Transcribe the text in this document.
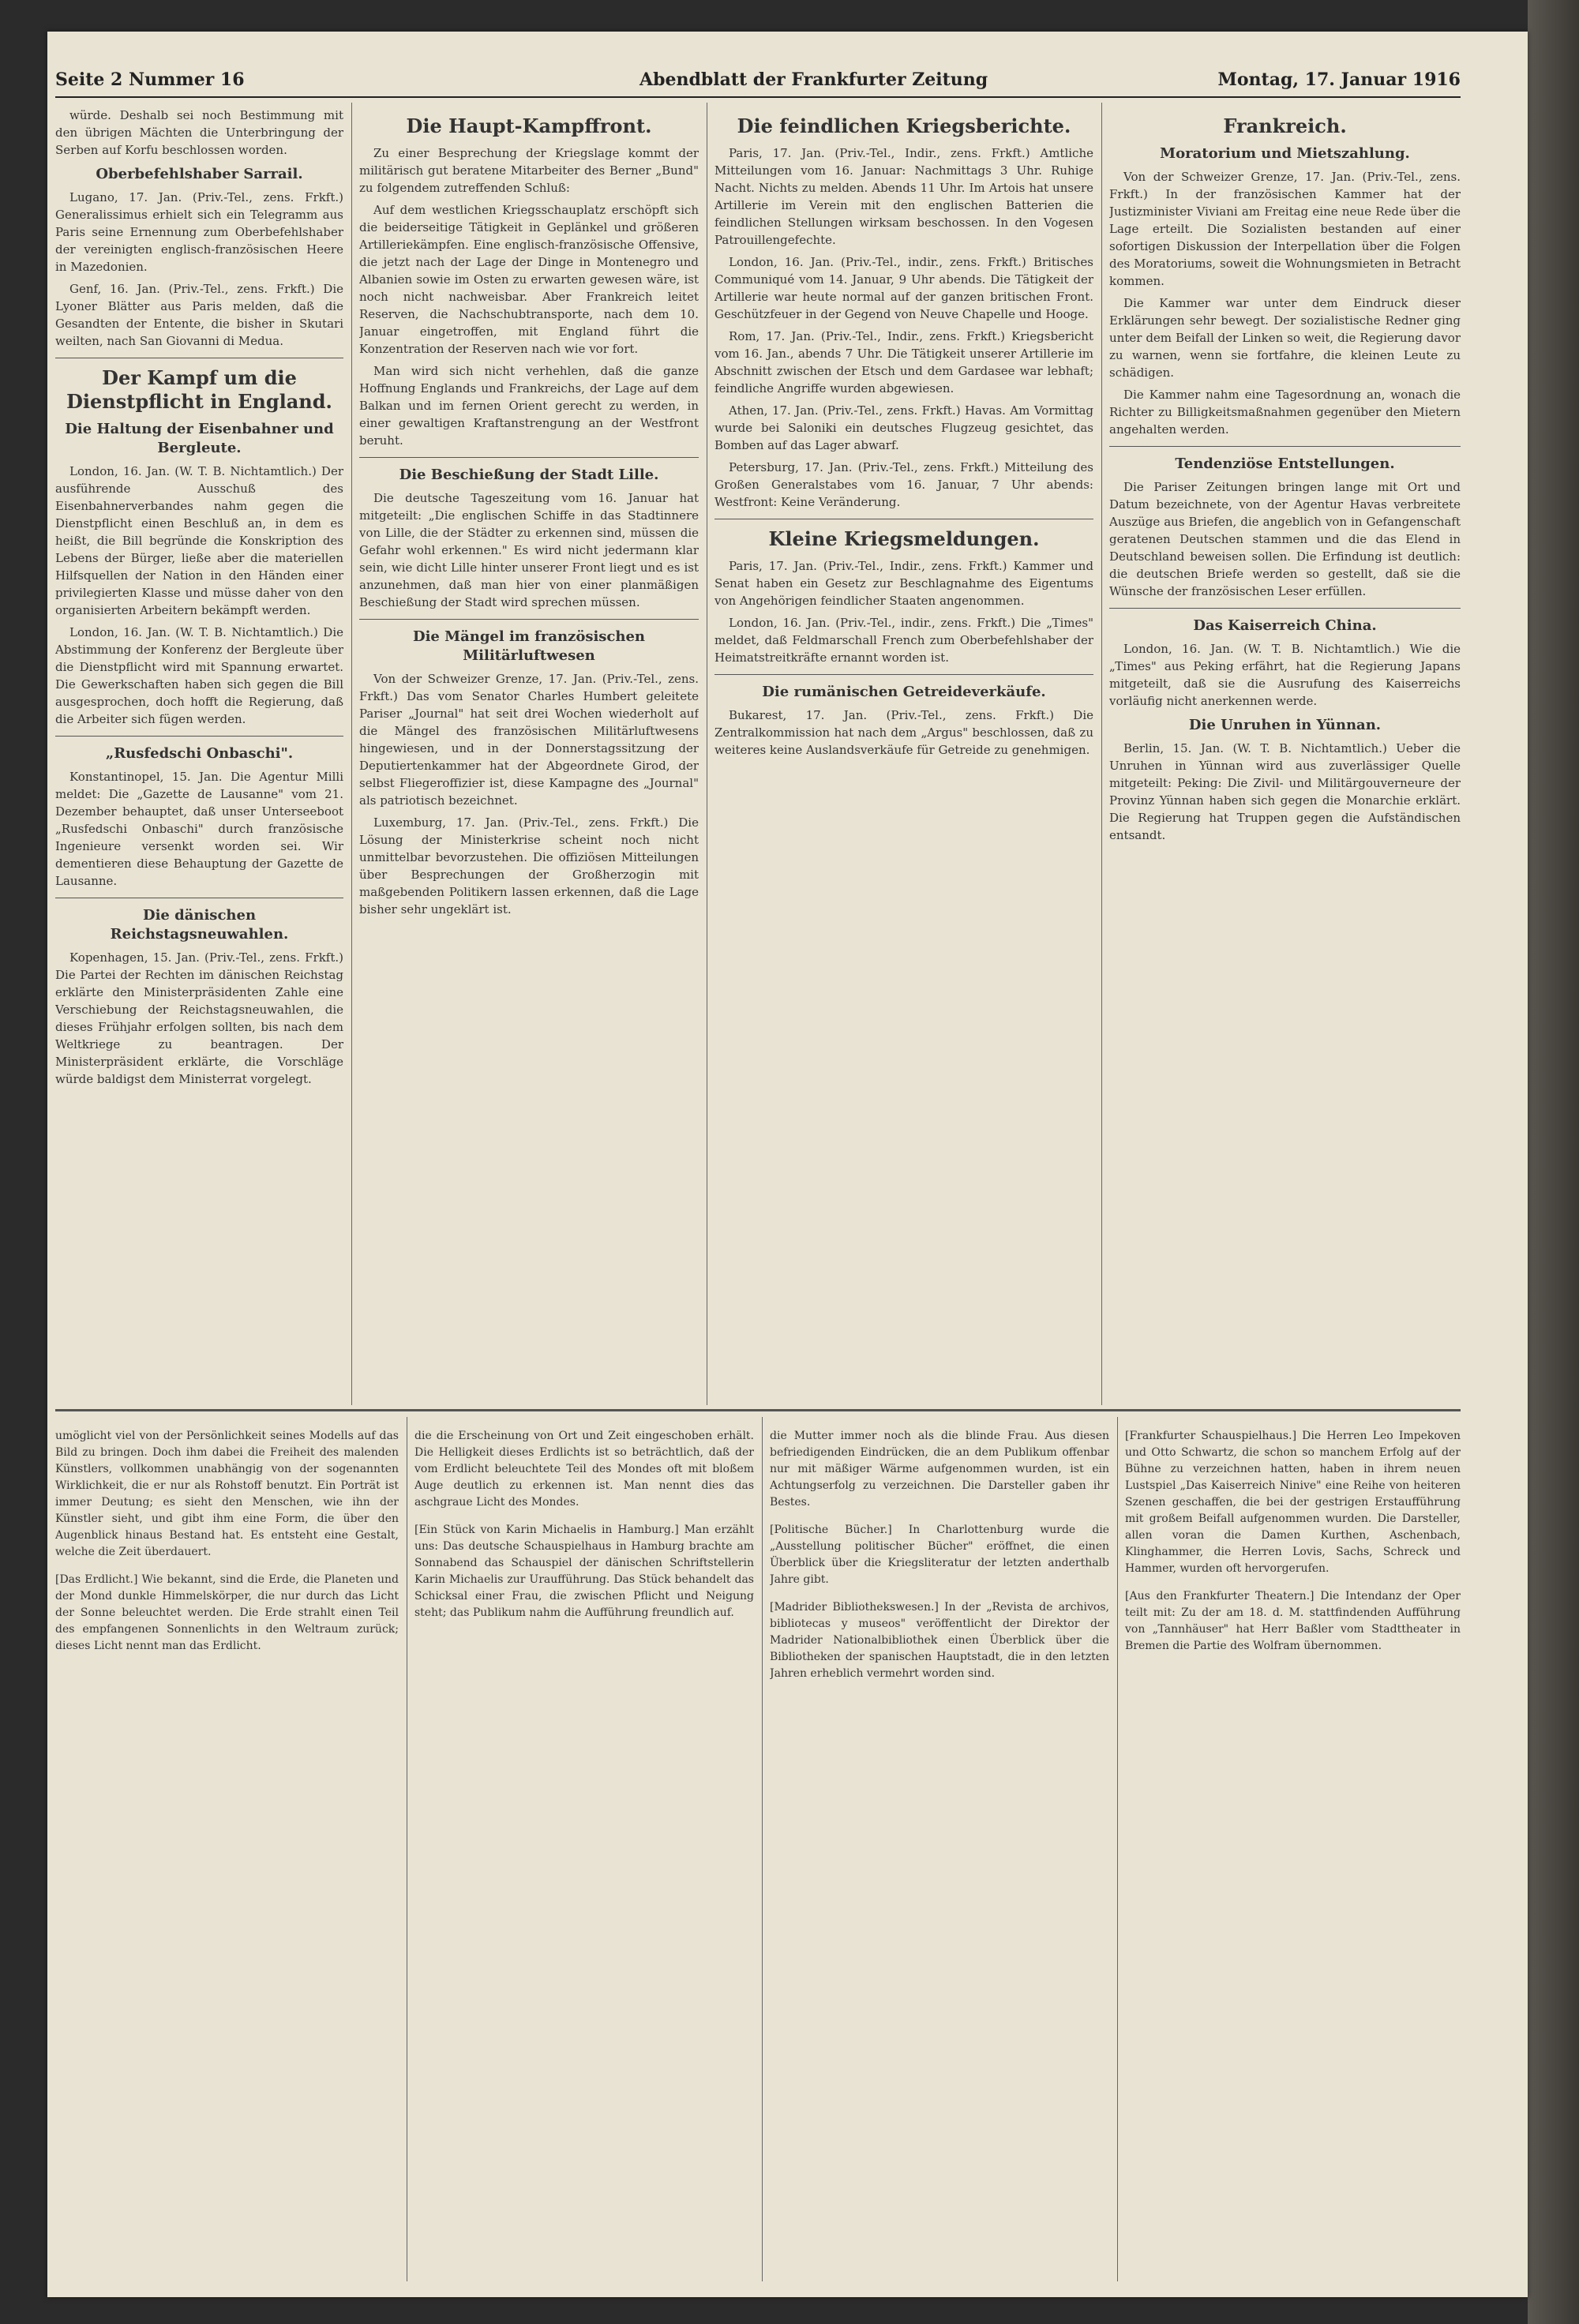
Seite 2 Nummer 16	Abendblatt der Frankfurter Zeitung	Montag, 17. Januar 1916

würde. Deshalb sei noch Bestimmung mit den übrigen Mächten die Unterbringung der Serben auf Korfu beschlossen worden.

Oberbefehlshaber Sarrail.

Lugano, 17. Jan. (Priv.-Tel., zens. Frkft.) Generalissimus erhielt sich ein Telegramm aus Paris seine Ernennung zum Oberbefehlshaber der vereinigten englisch-französischen Heere in Mazedonien.

Genf, 16. Jan. (Priv.-Tel., zens. Frkft.) Die Lyoner Blätter aus Paris melden, daß die Gesandten der Entente, die bisher in Skutari weilten, nach San Giovanni di Medua.

Der Kampf um die Dienstpflicht in England.
Die Haltung der Eisenbahner und Bergleute.

London, 16. Jan. (W. T. B. Nichtamtlich.) Der ausführende Ausschuß des Eisenbahnerverbandes nahm gegen die Dienstpflicht einen Beschluß an, in dem es heißt, die Bill begründe die Konskription des Lebens der Bürger, ließe aber die materiellen Hilfsquellen der Nation in den Händen einer privilegierten Klasse und müsse daher von den organisierten Arbeitern bekämpft werden.

London, 16. Jan. (W. T. B. Nichtamtlich.) Die Abstimmung der Konferenz der Bergleute über die Dienstpflicht wird mit Spannung erwartet. Die Gewerkschaften haben sich gegen die Bill ausgesprochen, doch hofft die Regierung, daß die Arbeiter sich fügen werden.

„Rusfedschi Onbaschi".

Konstantinopel, 15. Jan. Die Agentur Milli meldet: Die „Gazette de Lausanne" vom 21. Dezember behauptet, daß unser Unterseeboot „Rusfedschi Onbaschi" durch französische Ingenieure versenkt worden sei. Wir dementieren diese Behauptung der Gazette de Lausanne.

Die dänischen Reichstagsneuwahlen.

Kopenhagen, 15. Jan. (Priv.-Tel., zens. Frkft.) Die Partei der Rechten im dänischen Reichstag erklärte den Ministerpräsidenten Zahle eine Verschiebung der Reichstagsneuwahlen, die dieses Frühjahr erfolgen sollten, bis nach dem Weltkriege zu beantragen. Der Ministerpräsident erklärte, die Vorschläge würde baldigst dem Ministerrat vorgelegt.

Die Haupt-Kampffront.

Zu einer Besprechung der Kriegslage kommt der militärisch gut beratene Mitarbeiter des Berner „Bund" zu folgendem zutreffenden Schluß:

Auf dem westlichen Kriegsschauplatz erschöpft sich die beiderseitige Tätigkeit in Geplänkel und größeren Artilleriekämpfen. Eine englisch-französische Offensive, die jetzt nach der Lage der Dinge in Montenegro und Albanien sowie im Osten zu erwarten gewesen wäre, ist noch nicht nachweisbar. Aber Frankreich leitet Reserven, die Nachschubtransporte, nach dem 10. Januar eingetroffen, mit England führt die Konzentration der Reserven nach wie vor fort.

Man wird sich nicht verhehlen, daß die ganze Hoffnung Englands und Frankreichs, der Lage auf dem Balkan und im fernen Orient gerecht zu werden, in einer gewaltigen Kraftanstrengung an der Westfront beruht.

Die Beschießung der Stadt Lille.

Die deutsche Tageszeitung vom 16. Januar hat mitgeteilt: „Die englischen Schiffe in das Stadtinnere von Lille, die der Städter zu erkennen sind, müssen die Gefahr wohl erkennen." Es wird nicht jedermann klar sein, wie dicht Lille hinter unserer Front liegt und es ist anzunehmen, daß man hier von einer planmäßigen Beschießung der Stadt wird sprechen müssen.

Die Mängel im französischen Militärluftwesen

Von der Schweizer Grenze, 17. Jan. (Priv.-Tel., zens. Frkft.) Das vom Senator Charles Humbert geleitete Pariser „Journal" hat seit drei Wochen wiederholt auf die Mängel des französischen Militärluftwesens hingewiesen, und in der Donnerstagssitzung der Deputiertenkammer hat der Abgeordnete Girod, der selbst Fliegeroffizier ist, diese Kampagne des „Journal" als patriotisch bezeichnet.

Luxemburg, 17. Jan. (Priv.-Tel., zens. Frkft.) Die Lösung der Ministerkrise scheint noch nicht unmittelbar bevorzustehen. Die offiziösen Mitteilungen über Besprechungen der Großherzogin mit maßgebenden Politikern lassen erkennen, daß die Lage bisher sehr ungeklärt ist.

Die feindlichen Kriegsberichte.

Paris, 17. Jan. (Priv.-Tel., Indir., zens. Frkft.) Amtliche Mitteilungen vom 16. Januar: Nachmittags 3 Uhr. Ruhige Nacht. Nichts zu melden. Abends 11 Uhr. Im Artois hat unsere Artillerie im Verein mit den englischen Batterien die feindlichen Stellungen wirksam beschossen. In den Vogesen Patrouillengefechte.

London, 16. Jan. (Priv.-Tel., indir., zens. Frkft.) Britisches Communiqué vom 14. Januar, 9 Uhr abends. Die Tätigkeit der Artillerie war heute normal auf der ganzen britischen Front. Geschützfeuer in der Gegend von Neuve Chapelle und Hooge.

Rom, 17. Jan. (Priv.-Tel., Indir., zens. Frkft.) Kriegsbericht vom 16. Jan., abends 7 Uhr. Die Tätigkeit unserer Artillerie im Abschnitt zwischen der Etsch und dem Gardasee war lebhaft; feindliche Angriffe wurden abgewiesen.

Athen, 17. Jan. (Priv.-Tel., zens. Frkft.) Havas. Am Vormittag wurde bei Saloniki ein deutsches Flugzeug gesichtet, das Bomben auf das Lager abwarf.

Petersburg, 17. Jan. (Priv.-Tel., zens. Frkft.) Mitteilung des Großen Generalstabes vom 16. Januar, 7 Uhr abends: Westfront: Keine Veränderung.

Kleine Kriegsmeldungen.

Paris, 17. Jan. (Priv.-Tel., Indir., zens. Frkft.) Kammer und Senat haben ein Gesetz zur Beschlagnahme des Eigentums von Angehörigen feindlicher Staaten angenommen.

London, 16. Jan. (Priv.-Tel., indir., zens. Frkft.) Die „Times" meldet, daß Feldmarschall French zum Oberbefehlshaber der Heimatstreitkräfte ernannt worden ist.

Die rumänischen Getreideverkäufe.

Bukarest, 17. Jan. (Priv.-Tel., zens. Frkft.) Die Zentralkommission hat nach dem „Argus" beschlossen, daß zu weiteres keine Auslandsverkäufe für Getreide zu genehmigen.

Frankreich.
Moratorium und Mietszahlung.

Von der Schweizer Grenze, 17. Jan. (Priv.-Tel., zens. Frkft.) In der französischen Kammer hat der Justizminister Viviani am Freitag eine neue Rede über die Lage erteilt. Die Sozialisten bestanden auf einer sofortigen Diskussion der Interpellation über die Folgen des Moratoriums, soweit die Wohnungsmieten in Betracht kommen.

Die Kammer war unter dem Eindruck dieser Erklärungen sehr bewegt. Der sozialistische Redner ging unter dem Beifall der Linken so weit, die Regierung davor zu warnen, wenn sie fortfahre, die kleinen Leute zu schädigen.

Die Kammer nahm eine Tagesordnung an, wonach die Richter zu Billigkeitsmaßnahmen gegenüber den Mietern angehalten werden.

Tendenziöse Entstellungen.

Die Pariser Zeitungen bringen lange mit Ort und Datum bezeichnete, von der Agentur Havas verbreitete Auszüge aus Briefen, die angeblich von in Gefangenschaft geratenen Deutschen stammen und die das Elend in Deutschland beweisen sollen. Die Erfindung ist deutlich: die deutschen Briefe werden so gestellt, daß sie die Wünsche der französischen Leser erfüllen.

Das Kaiserreich China.

London, 16. Jan. (W. T. B. Nichtamtlich.) Wie die „Times" aus Peking erfährt, hat die Regierung Japans mitgeteilt, daß sie die Ausrufung des Kaiserreichs vorläufig nicht anerkennen werde.

Die Unruhen in Yünnan.

Berlin, 15. Jan. (W. T. B. Nichtamtlich.) Ueber die Unruhen in Yünnan wird aus zuverlässiger Quelle mitgeteilt: Peking: Die Zivil- und Militärgouverneure der Provinz Yünnan haben sich gegen die Monarchie erklärt. Die Regierung hat Truppen gegen die Aufständischen entsandt.

umöglicht viel von der Persönlichkeit seines Modells auf das Bild zu bringen. Doch ihm dabei die Freiheit des malenden Künstlers, vollkommen unabhängig von der sogenannten Wirklichkeit, die er nur als Rohstoff benutzt. Ein Porträt ist immer Deutung; es sieht den Menschen, wie ihn der Künstler sieht, und gibt ihm eine Form, die über den Augenblick hinaus Bestand hat. Es entsteht eine Gestalt, welche die Zeit überdauert.

[Das Erdlicht.] Wie bekannt, sind die Erde, die Planeten und der Mond dunkle Himmelskörper, die nur durch das Licht der Sonne beleuchtet werden. Die Erde strahlt einen Teil des empfangenen Sonnenlichts in den Weltraum zurück; dieses Licht nennt man das Erdlicht.

die die Erscheinung von Ort und Zeit eingeschoben erhält. Die Helligkeit dieses Erdlichts ist so beträchtlich, daß der vom Erdlicht beleuchtete Teil des Mondes oft mit bloßem Auge deutlich zu erkennen ist. Man nennt dies das aschgraue Licht des Mondes.

[Ein Stück von Karin Michaelis in Hamburg.] Man erzählt uns: Das deutsche Schauspielhaus in Hamburg brachte am Sonnabend das Schauspiel der dänischen Schriftstellerin Karin Michaelis zur Uraufführung. Das Stück behandelt das Schicksal einer Frau, die zwischen Pflicht und Neigung steht; das Publikum nahm die Aufführung freundlich auf.

die Mutter immer noch als die blinde Frau. Aus diesen befriedigenden Eindrücken, die an dem Publikum offenbar nur mit mäßiger Wärme aufgenommen wurden, ist ein Achtungserfolg zu verzeichnen. Die Darsteller gaben ihr Bestes.

[Politische Bücher.] In Charlottenburg wurde die „Ausstellung politischer Bücher" eröffnet, die einen Überblick über die Kriegsliteratur der letzten anderthalb Jahre gibt.

[Madrider Bibliothekswesen.] In der „Revista de archivos, bibliotecas y museos" veröffentlicht der Direktor der Madrider Nationalbibliothek einen Überblick über die Bibliotheken der spanischen Hauptstadt, die in den letzten Jahren erheblich vermehrt worden sind.

[Frankfurter Schauspielhaus.] Die Herren Leo Impekoven und Otto Schwartz, die schon so manchem Erfolg auf der Bühne zu verzeichnen hatten, haben in ihrem neuen Lustspiel „Das Kaiserreich Ninive" eine Reihe von heiteren Szenen geschaffen, die bei der gestrigen Erstaufführung mit großem Beifall aufgenommen wurden. Die Darsteller, allen voran die Damen Kurthen, Aschenbach, Klinghammer, die Herren Lovis, Sachs, Schreck und Hammer, wurden oft hervorgerufen.

[Aus den Frankfurter Theatern.] Die Intendanz der Oper teilt mit: Zu der am 18. d. M. stattfindenden Aufführung von „Tannhäuser" hat Herr Baßler vom Stadttheater in Bremen die Partie des Wolfram übernommen.
